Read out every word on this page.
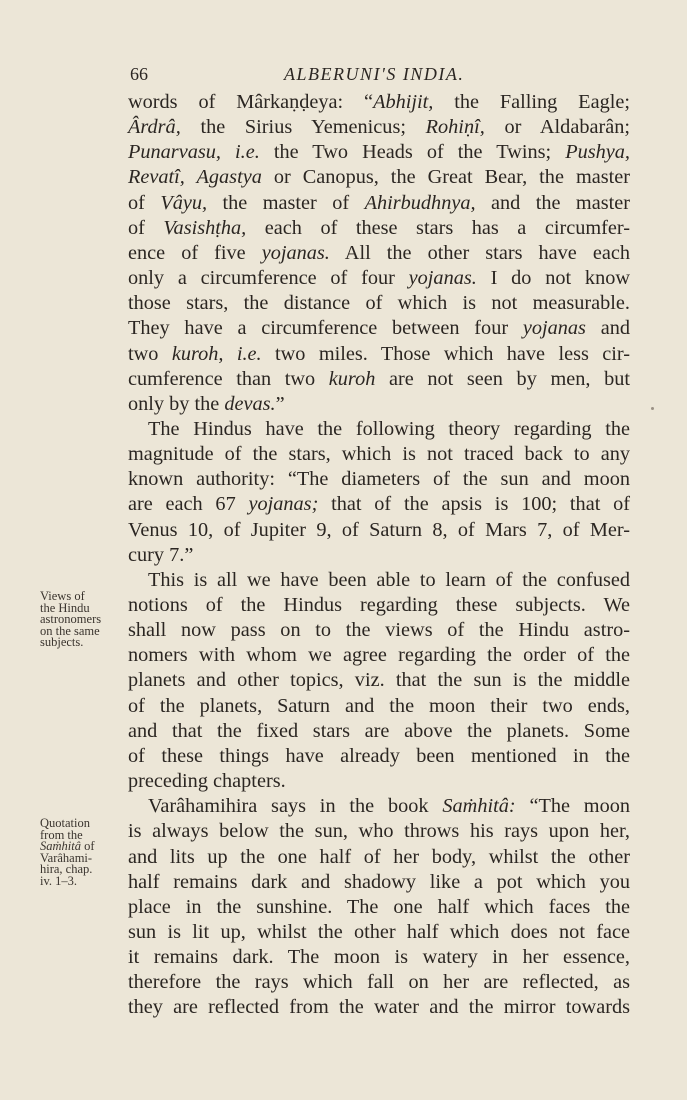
66	ALBERUNI'S INDIA.
words of Mârkaṇḍeya: “Abhijit, the Falling Eagle;
Ârdrâ, the Sirius Yemenicus; Rohiṇî, or Aldabarân;
Punarvasu, i.e. the Two Heads of the Twins; Pushya,
Revatî, Agastya or Canopus, the Great Bear, the master
of Vâyu, the master of Ahirbudhnya, and the master
of Vasishṭha, each of these stars has a circumfer-
ence of five yojanas. All the other stars have each
only a circumference of four yojanas. I do not know
those stars, the distance of which is not measurable.
They have a circumference between four yojanas and
two kuroh, i.e. two miles. Those which have less cir-
cumference than two kuroh are not seen by men, but
only by the devas.”
The Hindus have the following theory regarding the
magnitude of the stars, which is not traced back to any
known authority: “The diameters of the sun and moon
are each 67 yojanas; that of the apsis is 100; that of
Venus 10, of Jupiter 9, of Saturn 8, of Mars 7, of Mer-
cury 7.”
This is all we have been able to learn of the confused
notions of the Hindus regarding these subjects. We
shall now pass on to the views of the Hindu astro-
nomers with whom we agree regarding the order of the
planets and other topics, viz. that the sun is the middle
of the planets, Saturn and the moon their two ends,
and that the fixed stars are above the planets. Some
of these things have already been mentioned in the
preceding chapters.
Varâhamihira says in the book Saṁhitâ: “The moon
is always below the sun, who throws his rays upon her,
and lits up the one half of her body, whilst the other
half remains dark and shadowy like a pot which you
place in the sunshine. The one half which faces the
sun is lit up, whilst the other half which does not face
it remains dark. The moon is watery in her essence,
therefore the rays which fall on her are reflected, as
they are reflected from the water and the mirror towards
Views of
the Hindu
astronomers
on the same
subjects.
Quotation
from the
Saṁhitâ of
Varâhami-
hira, chap.
iv. 1–3.
